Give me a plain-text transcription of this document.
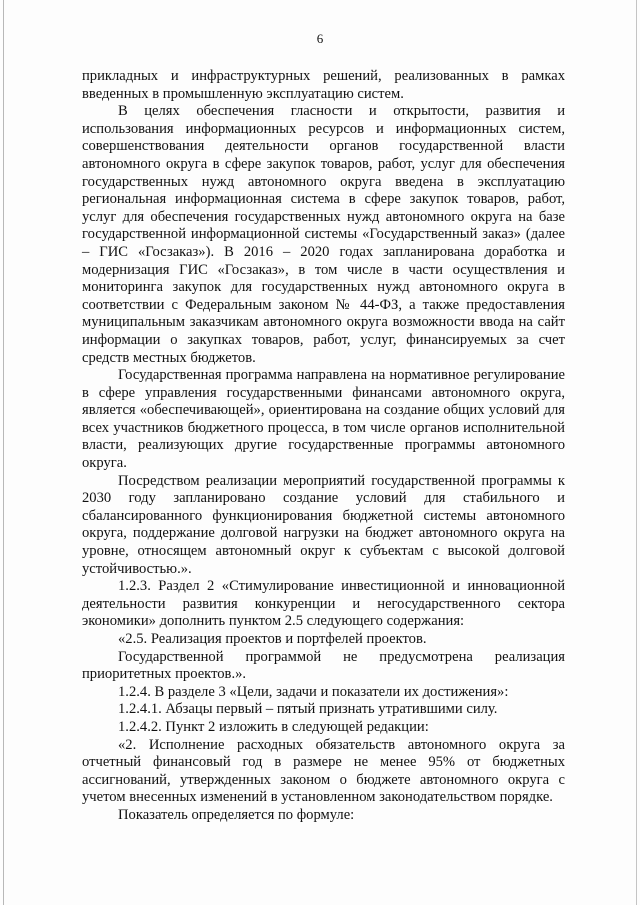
6

прикладных и инфраструктурных решений, реализованных в рамках введенных в промышленную эксплуатацию систем.

В целях обеспечения гласности и открытости, развития и использования информационных ресурсов и информационных систем, совершенствования деятельности органов государственной власти автономного округа в сфере закупок товаров, работ, услуг для обеспечения государственных нужд автономного округа введена в эксплуатацию региональная информационная система в сфере закупок товаров, работ, услуг для обеспечения государственных нужд автономного округа на базе государственной информационной системы «Государственный заказ» (далее – ГИС «Госзаказ»). В 2016 – 2020 годах запланирована доработка и модернизация ГИС «Госзаказ», в том числе в части осуществления и мониторинга закупок для государственных нужд автономного округа в соответствии с Федеральным законом № 44-ФЗ, а также предоставления муниципальным заказчикам автономного округа возможности ввода на сайт информации о закупках товаров, работ, услуг, финансируемых за счет средств местных бюджетов.

Государственная программа направлена на нормативное регулирование в сфере управления государственными финансами автономного округа, является «обеспечивающей», ориентирована на создание общих условий для всех участников бюджетного процесса, в том числе органов исполнительной власти, реализующих другие государственные программы автономного округа.

Посредством реализации мероприятий государственной программы к 2030 году запланировано создание условий для стабильного и сбалансированного функционирования бюджетной системы автономного округа, поддержание долговой нагрузки на бюджет автономного округа на уровне, относящем автономный округ к субъектам с высокой долговой устойчивостью.».

1.2.3. Раздел 2 «Стимулирование инвестиционной и инновационной деятельности развития конкуренции и негосударственного сектора экономики» дополнить пунктом 2.5 следующего содержания:

«2.5. Реализация проектов и портфелей проектов.

Государственной программой не предусмотрена реализация приоритетных проектов.».

1.2.4. В разделе 3 «Цели, задачи и показатели их достижения»:

1.2.4.1. Абзацы первый – пятый признать утратившими силу.

1.2.4.2. Пункт 2 изложить в следующей редакции:

«2. Исполнение расходных обязательств автономного округа за отчетный финансовый год в размере не менее 95% от бюджетных ассигнований, утвержденных законом о бюджете автономного округа с учетом внесенных изменений в установленном законодательством порядке.

Показатель определяется по формуле:
